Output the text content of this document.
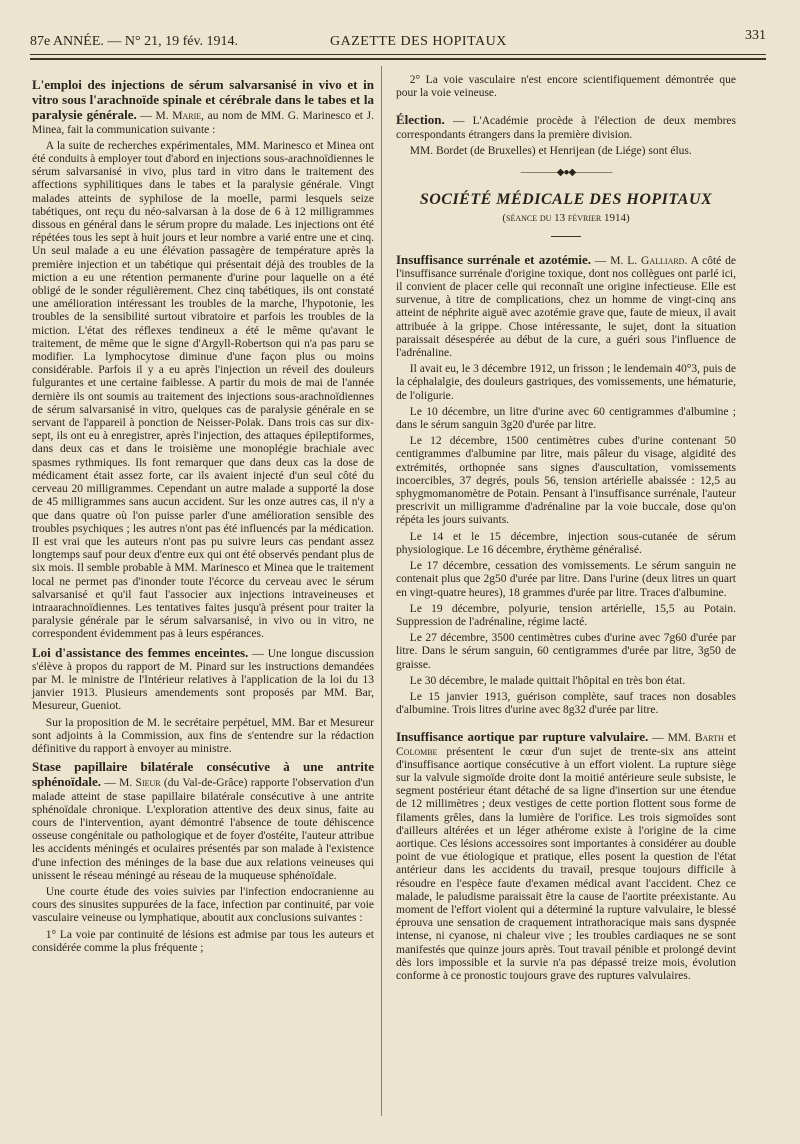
87e ANNÉE. — N° 21, 19 fév. 1914.	GAZETTE DES HOPITAUX	331

L'emploi des injections de sérum salvarsanisé in vivo et in vitro sous l'arachnoïde spinale et cérébrale dans le tabes et la paralysie générale. — M. Marie, au nom de MM. G. Marinesco et J. Minea, fait la communication suivante :

A la suite de recherches expérimentales, MM. Marinesco et Minea ont été conduits à employer tout d'abord en injections sous-arachnoïdiennes le sérum salvarsanisé in vivo, plus tard in vitro dans le traitement des affections syphilitiques dans le tabes et la paralysie générale. Vingt malades atteints de syphilose de la moelle, parmi lesquels seize tabétiques, ont reçu du néo-salvarsan à la dose de 6 à 12 milligrammes dissous en général dans le sérum propre du malade. Les injections ont été répétées tous les sept à huit jours et leur nombre a varié entre une et cinq. Un seul malade a eu une élévation passagère de température après la première injection et un tabétique qui présentait déjà des troubles de la miction a eu une rétention permanente d'urine pour laquelle on a été obligé de le sonder régulièrement. Chez cinq tabétiques, ils ont constaté une amélioration intéressant les troubles de la marche, l'hypotonie, les troubles de la sensibilité surtout vibratoire et parfois les troubles de la miction. L'état des réflexes tendineux a été le même qu'avant le traitement, de même que le signe d'Argyll-Robertson qui n'a pas paru se modifier. La lymphocytose diminue d'une façon plus ou moins considérable. Parfois il y a eu après l'injection un réveil des douleurs fulgurantes et une certaine faiblesse. A partir du mois de mai de l'année dernière ils ont soumis au traitement des injections sous-arachnoïdiennes de sérum salvarsanisé in vitro, quelques cas de paralysie générale en se servant de l'appareil à ponction de Neisser-Polak. Dans trois cas sur dix-sept, ils ont eu à enregistrer, après l'injection, des attaques épileptiformes, dans deux cas et dans le troisième une monoplégie brachiale avec spasmes rythmiques. Ils font remarquer que dans deux cas la dose de médicament était assez forte, car ils avaient injecté d'un seul côté du cerveau 20 milligrammes. Cependant un autre malade a supporté la dose de 45 milligrammes sans aucun accident. Sur les onze autres cas, il n'y a que dans quatre où l'on puisse parler d'une amélioration sensible des troubles psychiques ; les autres n'ont pas été influencés par la médication. Il est vrai que les auteurs n'ont pas pu suivre leurs cas pendant assez longtemps sauf pour deux d'entre eux qui ont été observés pendant plus de six mois. Il semble probable à MM. Marinesco et Minea que le traitement local ne permet pas d'inonder toute l'écorce du cerveau avec le sérum salvarsanisé et qu'il faut l'associer aux injections intraveineuses et intraarachnoïdiennes. Les tentatives faites jusqu'à présent pour traiter la paralysie générale par le sérum salvarsanisé, in vivo ou in vitro, ne correspondent évidemment pas à leurs espérances.

Loi d'assistance des femmes enceintes. — Une longue discussion s'élève à propos du rapport de M. Pinard sur les instructions demandées par M. le ministre de l'Intérieur relatives à l'application de la loi du 13 janvier 1913. Plusieurs amendements sont proposés par MM. Bar, Mesureur, Gueniot.

Sur la proposition de M. le secrétaire perpétuel, MM. Bar et Mesureur sont adjoints à la Commission, aux fins de s'entendre sur la rédaction définitive du rapport à envoyer au ministre.

Stase papillaire bilatérale consécutive à une antrite sphénoïdale. — M. Sieur (du Val-de-Grâce) rapporte l'observation d'un malade atteint de stase papillaire bilatérale consécutive à une antrite sphénoïdale chronique. L'exploration attentive des deux sinus, faite au cours de l'intervention, ayant démontré l'absence de toute déhiscence osseuse congénitale ou pathologique et de foyer d'ostéite, l'auteur attribue les accidents méningés et oculaires présentés par son malade à l'existence d'une infection des méninges de la base due aux relations veineuses qui unissent le réseau méningé au réseau de la muqueuse sphénoïdale.

Une courte étude des voies suivies par l'infection endocranienne au cours des sinusites suppurées de la face, infection par continuité, par voie vasculaire veineuse ou lymphatique, aboutit aux conclusions suivantes :

1° La voie par continuité de lésions est admise par tous les auteurs et considérée comme la plus fréquente ;

2° La voie vasculaire n'est encore scientifiquement démontrée que pour la voie veineuse.

Élection. — L'Académie procède à l'élection de deux membres correspondants étrangers dans la première division.

MM. Bordet (de Bruxelles) et Henrijean (de Liége) sont élus.

————◆●◆————

SOCIÉTÉ MÉDICALE DES HOPITAUX

(séance du 13 février 1914)

Insuffisance surrénale et azotémie. — M. L. Galliard. A côté de l'insuffisance surrénale d'origine toxique, dont nos collègues ont parlé ici, il convient de placer celle qui reconnaît une origine infectieuse. Elle est survenue, à titre de complications, chez un homme de vingt-cinq ans atteint de néphrite aiguë avec azotémie grave que, faute de mieux, il avait attribuée à la grippe. Chose intéressante, le sujet, dont la situation paraissait désespérée au début de la cure, a guéri sous l'influence de l'adrénaline.

Il avait eu, le 3 décembre 1912, un frisson ; le lendemain 40°3, puis de la céphalalgie, des douleurs gastriques, des vomissements, une hématurie, de l'oligurie.

Le 10 décembre, un litre d'urine avec 60 centigrammes d'albumine ; dans le sérum sanguin 3g20 d'urée par litre.

Le 12 décembre, 1500 centimètres cubes d'urine contenant 50 centigrammes d'albumine par litre, mais pâleur du visage, algidité des extrémités, orthopnée sans signes d'auscultation, vomissements incoercibles, 37 degrés, pouls 56, tension artérielle abaissée : 12,5 au sphygmomanomètre de Potain. Pensant à l'insuffisance surrénale, l'auteur prescrivit un milligramme d'adrénaline par la voie buccale, dose qu'on répéta les jours suivants.

Le 14 et le 15 décembre, injection sous-cutanée de sérum physiologique. Le 16 décembre, érythème généralisé.

Le 17 décembre, cessation des vomissements. Le sérum sanguin ne contenait plus que 2g50 d'urée par litre. Dans l'urine (deux litres un quart en vingt-quatre heures), 18 grammes d'urée par litre. Traces d'albumine.

Le 19 décembre, polyurie, tension artérielle, 15,5 au Potain. Suppression de l'adrénaline, régime lacté.

Le 27 décembre, 3500 centimètres cubes d'urine avec 7g60 d'urée par litre. Dans le sérum sanguin, 60 centigrammes d'urée par litre, 3g50 de graisse.

Le 30 décembre, le malade quittait l'hôpital en très bon état.

Le 15 janvier 1913, guérison complète, sauf traces non dosables d'albumine. Trois litres d'urine avec 8g32 d'urée par litre.

Insuffisance aortique par rupture valvulaire. — MM. Barth et Colombe présentent le cœur d'un sujet de trente-six ans atteint d'insuffisance aortique consécutive à un effort violent. La rupture siège sur la valvule sigmoïde droite dont la moitié antérieure seule subsiste, le segment postérieur étant détaché de sa ligne d'insertion sur une étendue de 12 millimètres ; deux vestiges de cette portion flottent sous forme de filaments grêles, dans la lumière de l'orifice. Les trois sigmoïdes sont d'ailleurs altérées et un léger athérome existe à l'origine de la cime aortique. Ces lésions accessoires sont importantes à considérer au double point de vue étiologique et pratique, elles posent la question de l'état antérieur dans les accidents du travail, presque toujours difficile à résoudre en l'espèce faute d'examen médical avant l'accident. Chez ce malade, le paludisme paraissait être la cause de l'aortite préexistante. Au moment de l'effort violent qui a déterminé la rupture valvulaire, le blessé éprouva une sensation de craquement intrathoracique mais sans dyspnée intense, ni cyanose, ni chaleur vive ; les troubles cardiaques ne se sont manifestés que quinze jours après. Tout travail pénible et prolongé devint dès lors impossible et la survie n'a pas dépassé treize mois, évolution conforme à ce pronostic toujours grave des ruptures valvulaires.
